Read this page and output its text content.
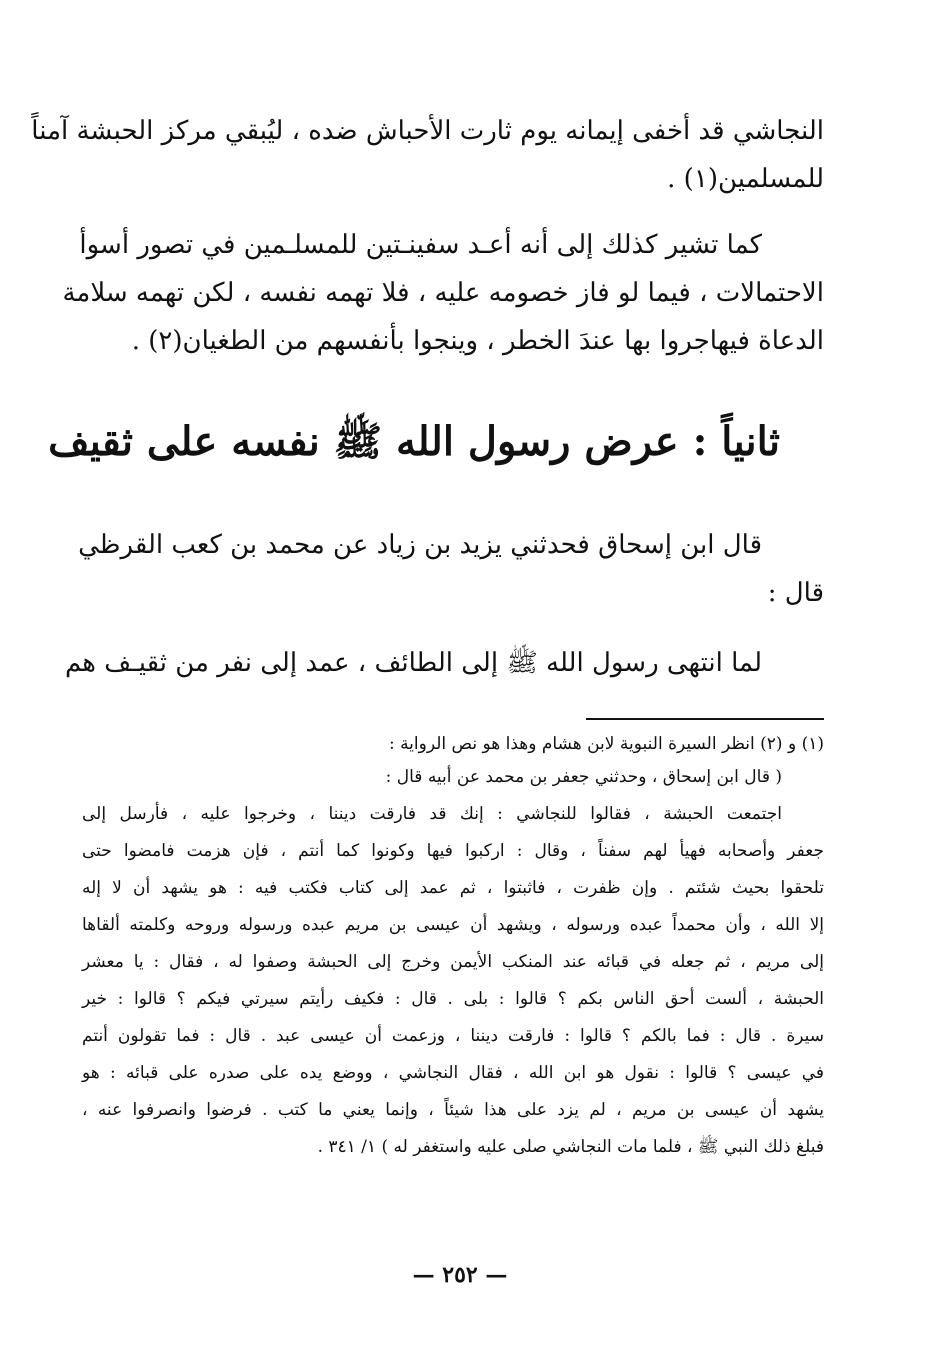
النجاشي قد أخفى إيمانه يوم ثارت الأحباش ضده ، ليُبقي مركز الحبشة آمناً
للمسلمين(١) .
كما تشير كذلك إلى أنه أعـد سفينـتين للمسلـمين في تصور أسوأ
الاحتمالات ، فيما لو فاز خصومه عليه ، فلا تهمه نفسه ، لكن تهمه سلامة
الدعاة فيهاجروا بها عندَ الخطر ، وينجوا بأنفسهم من الطغيان(٢) .
ثانياً : عرض رسول الله ﷺ نفسه على ثقيف
قال ابن إسحاق فحدثني يزيد بن زياد عن محمد بن كعب القرظي
قال :
لما انتهى رسول الله ﷺ إلى الطائف ، عمد إلى نفر من ثقيـف هم
(١) و (٢) انظر السيرة النبوية لابن هشام وهذا هو نص الرواية :
( قال ابن إسحاق ، وحدثني جعفر بن محمد عن أبيه قال :
اجتمعت الحبشة ، فقالوا للنجاشي : إنك قد فارقت ديننا ، وخرجوا عليه ، فأرسل إلى
جعفر وأصحابه فهيأ لهم سفناً ، وقال : اركبوا فيها وكونوا كما أنتم ، فإن هزمت فامضوا حتى
تلحقوا بحيث شئتم . وإن ظفرت ، فاثبتوا ، ثم عمد إلى كتاب فكتب فيه : هو يشهد أن لا إله
إلا الله ، وأن محمداً عبده ورسوله ، ويشهد أن عيسى بن مريم عبده ورسوله وروحه وكلمته ألقاها
إلى مريم ، ثم جعله في قبائه عند المنكب الأيمن وخرج إلى الحبشة وصفوا له ، فقال : يا معشر
الحبشة ، ألست أحق الناس بكم ؟ قالوا : بلى . قال : فكيف رأيتم سيرتي فيكم ؟ قالوا : خير
سيرة . قال : فما بالكم ؟ قالوا : فارقت ديننا ، وزعمت أن عيسى عبد . قال : فما تقولون أنتم
في عيسى ؟ قالوا : نقول هو ابن الله ، فقال النجاشي ، ووضع يده على صدره على قبائه : هو
يشهد أن عيسى بن مريم ، لم يزد على هذا شيئاً ، وإنما يعني ما كتب . فرضوا وانصرفوا عنه ،
فبلغ ذلك النبي ﷺ ، فلما مات النجاشي صلى عليه واستغفر له ) ١/ ٣٤١ .
— ٢٥٢ —
